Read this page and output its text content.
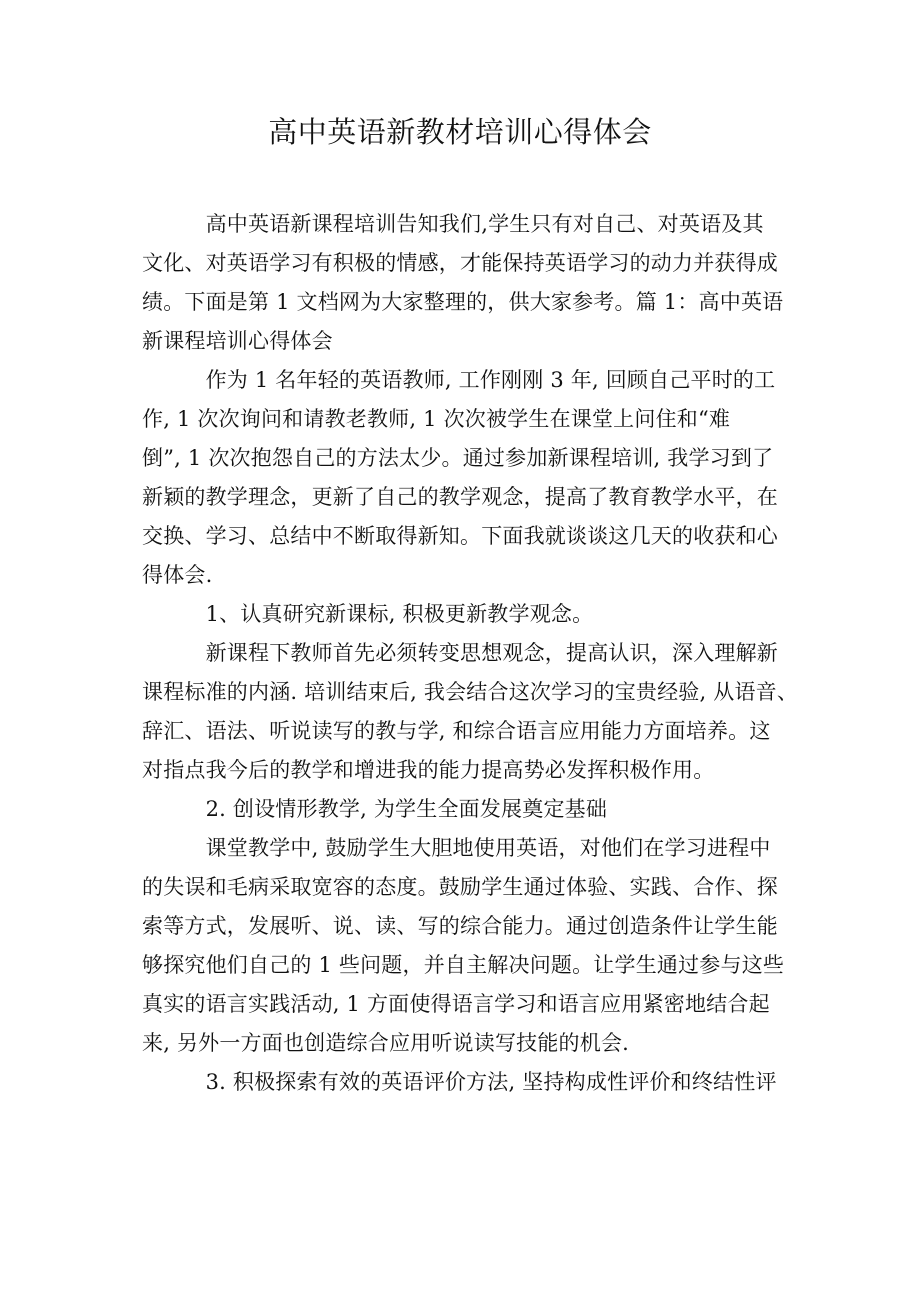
高中英语新教材培训心得体会
　　　高中英语新课程培训告知我们,学生只有对自己、对英语及其
文化、对英语学习有积极的情感，才能保持英语学习的动力并获得成
绩。下面是第 1 文档网为大家整理的，供大家参考。篇 1：高中英语
新课程培训心得体会
　　　作为 1 名年轻的英语教师, 工作刚刚 3 年, 回顾自己平时的工
作, 1 次次询问和请教老教师, 1 次次被学生在课堂上问住和“难
倒”, 1 次次抱怨自己的方法太少。通过参加新课程培训, 我学习到了
新颖的教学理念，更新了自己的教学观念，提高了教育教学水平，在
交换、学习、总结中不断取得新知。下面我就谈谈这几天的收获和心
得体会.
　　　1、认真研究新课标, 积极更新教学观念。
　　　新课程下教师首先必须转变思想观念，提高认识，深入理解新
课程标准的内涵. 培训结束后, 我会结合这次学习的宝贵经验, 从语音、
辞汇、语法、听说读写的教与学, 和综合语言应用能力方面培养。这
对指点我今后的教学和增进我的能力提高势必发挥积极作用。
　　　2. 创设情形教学, 为学生全面发展奠定基础
　　　课堂教学中, 鼓励学生大胆地使用英语，对他们在学习进程中
的失误和毛病采取宽容的态度。鼓励学生通过体验、实践、合作、探
索等方式，发展听、说、读、写的综合能力。通过创造条件让学生能
够探究他们自己的 1 些问题，并自主解决问题。让学生通过参与这些
真实的语言实践活动, 1 方面使得语言学习和语言应用紧密地结合起
来, 另外一方面也创造综合应用听说读写技能的机会.
　　　3. 积极探索有效的英语评价方法, 坚持构成性评价和终结性评
